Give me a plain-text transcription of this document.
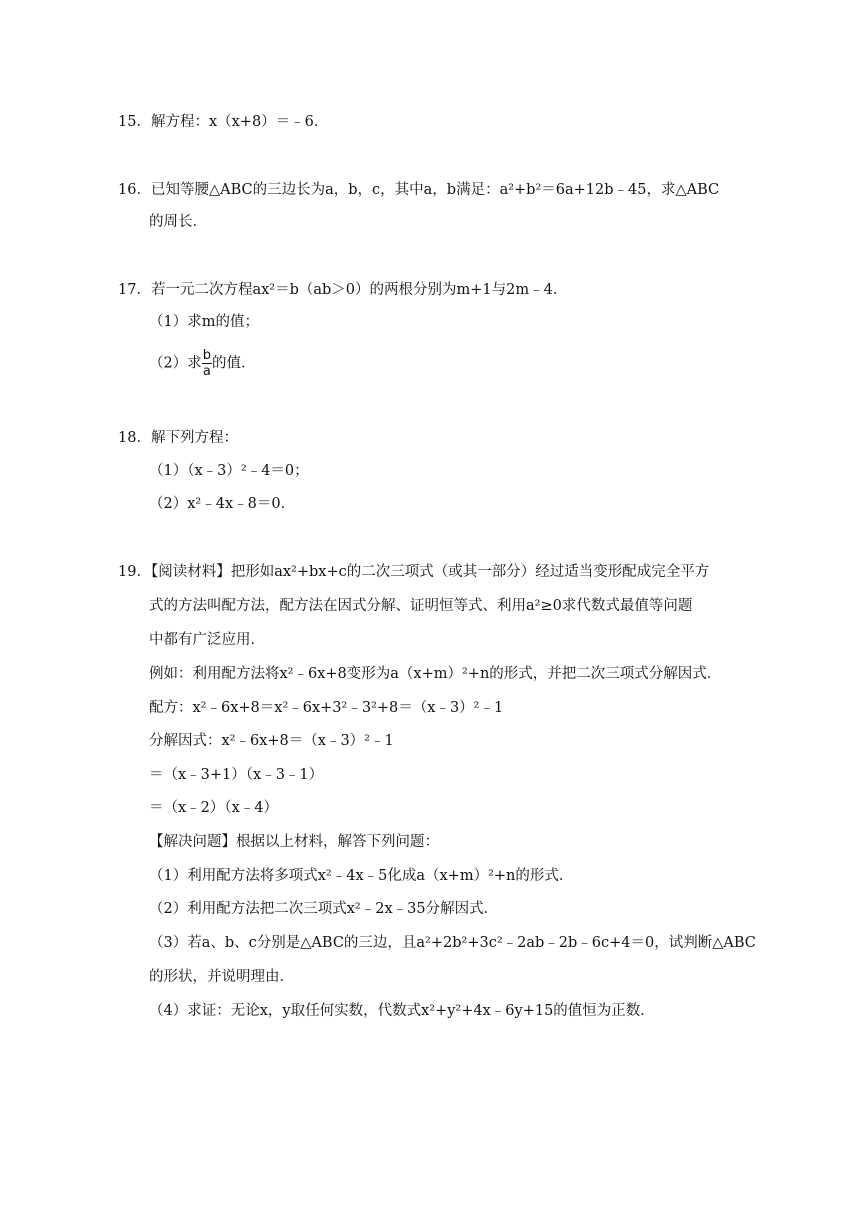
15．解方程：x（x+8）＝﹣6．
16．已知等腰△ABC的三边长为a，b，c，其中a，b满足：a²+b²＝6a+12b﹣45，求△ABC
的周长．
17．若一元二次方程ax²＝b（ab＞0）的两根分别为m+1与2m﹣4．
（1）求m的值；
（2）求 $\frac{b}{a}$ 的值．
18．解下列方程：
（1）（x﹣3）²﹣4＝0；
（2）x²﹣4x﹣8＝0．
19．【阅读材料】把形如ax²+bx+c的二次三项式（或其一部分）经过适当变形配成完全平方
式的方法叫配方法，配方法在因式分解、证明恒等式、利用a²≥0求代数式最值等问题
中都有广泛应用．
例如：利用配方法将x²﹣6x+8变形为a（x+m）²+n的形式，并把二次三项式分解因式．
配方：x²﹣6x+8＝x²﹣6x+3²﹣3²+8＝（x﹣3）²﹣1
分解因式：x²﹣6x+8＝（x﹣3）²﹣1
＝（x﹣3+1）（x﹣3﹣1）
＝（x﹣2）（x﹣4）
【解决问题】根据以上材料，解答下列问题：
（1）利用配方法将多项式x²﹣4x﹣5化成a（x+m）²+n的形式．
（2）利用配方法把二次三项式x²﹣2x﹣35分解因式．
（3）若a、b、c分别是△ABC的三边，且a²+2b²+3c²﹣2ab﹣2b﹣6c+4＝0，试判断△ABC
的形状，并说明理由．
（4）求证：无论x，y取任何实数，代数式x²+y²+4x﹣6y+15的值恒为正数．
